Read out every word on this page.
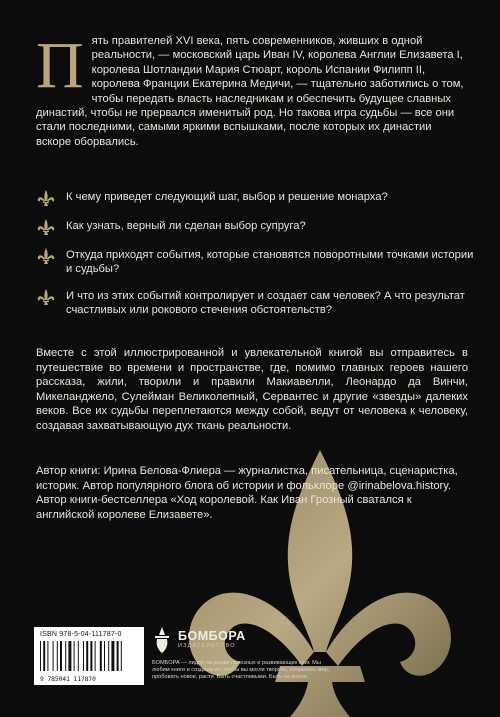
П ять правителей XVI века, пять современников, живших в одной реальности, — московский царь Иван IV, королева Англии Елизавета I, королева Шотландии Мария Стюарт, король Испании Филипп II, королева Франции Екатерина Медичи, — тщательно заботились о том, чтобы передать власть наследникам и обеспечить будущее славных династий, чтобы не прервался именитый род. Но такова игра судьбы — все они стали последними, самыми яркими вспышками, после которых их династии вскоре оборвались.

К чему приведет следующий шаг, выбор и решение монарха?
Как узнать, верный ли сделан выбор супруга?
Откуда приходят события, которые становятся поворотными точками истории и судьбы?
И что из этих событий контролирует и создает сам человек? А что результат счастливых или рокового стечения обстоятельств?

Вместе с этой иллюстрированной и увлекательной книгой вы отправитесь в путешествие во времени и пространстве, где, помимо главных героев нашего рассказа, жили, творили и правили Макиавелли, Леонардо да Винчи, Микеланджело, Сулейман Великолепный, Сервантес и другие «звезды» далеких веков. Все их судьбы переплетаются между собой, ведут от человека к человеку, создавая захватывающую дух ткань реальности.

Автор книги: Ирина Белова-Флиера — журналистка, писательница, сценаристка, историк. Автор популярного блога об истории и фольклоре @irinabelova.history. Автор книги-бестселлера «Ход королевой. Как Иван Грозный сватался к английской королеве Елизавете».

ISBN 978-5-04-111787-0
9 785041 117870
БОМБОРА
ИЗДАТЕЛЬСТВО

БОМБОРА — лидер на рынке полезных и развивающих книг. Мы любим книги и создаем их, чтобы вы могли творить, открывать мир, пробовать новое, расти. Быть счастливыми. Быть на волне.
